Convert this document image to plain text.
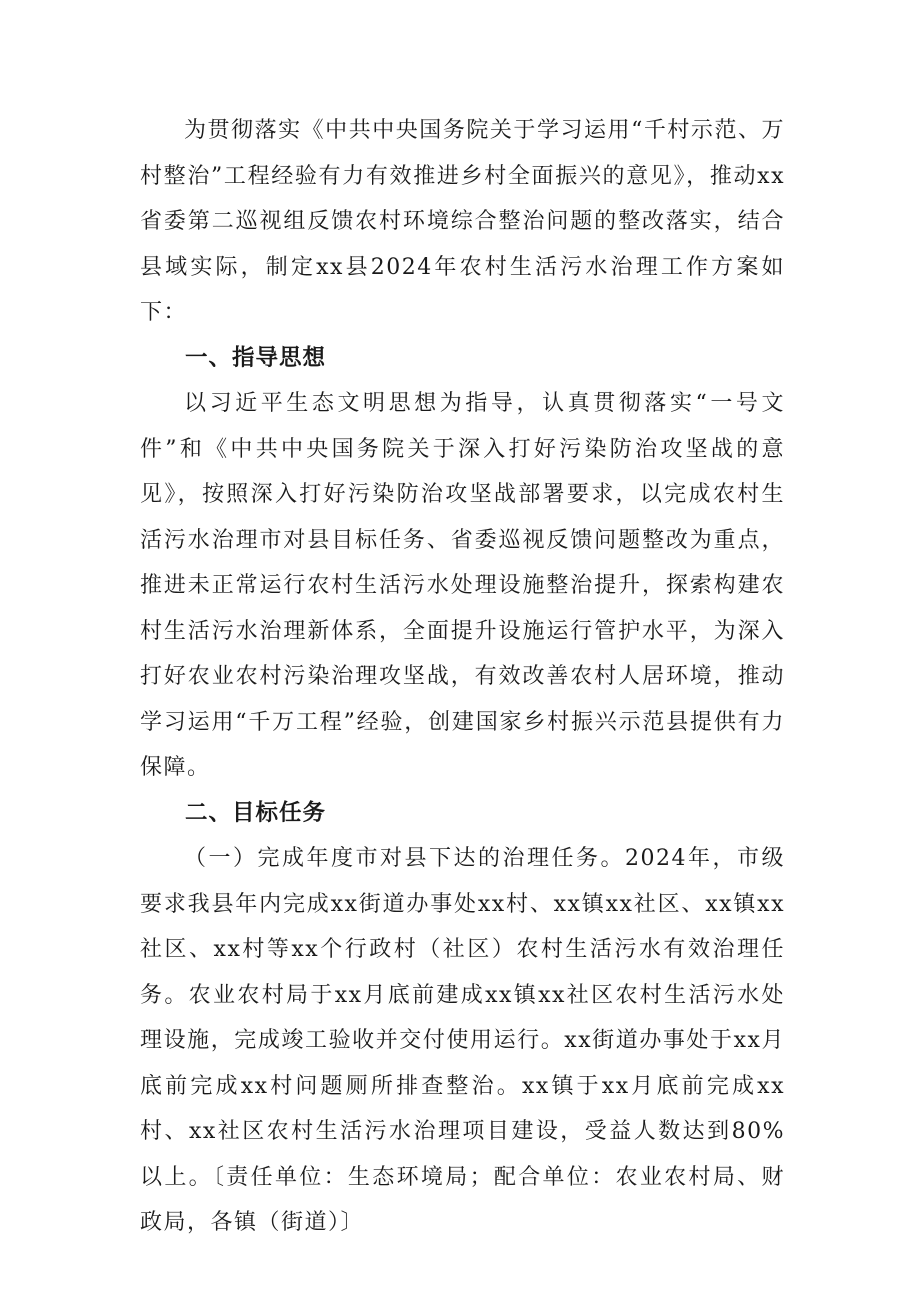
为贯彻落实《中共中央国务院关于学习运用“千村示范、万村整治”工程经验有力有效推进乡村全面振兴的意见》，推动xx省委第二巡视组反馈农村环境综合整治问题的整改落实，结合县域实际，制定xx县2024年农村生活污水治理工作方案如下：

一、指导思想

以习近平生态文明思想为指导，认真贯彻落实“一号文件”和《中共中央国务院关于深入打好污染防治攻坚战的意见》，按照深入打好污染防治攻坚战部署要求，以完成农村生活污水治理市对县目标任务、省委巡视反馈问题整改为重点，推进未正常运行农村生活污水处理设施整治提升，探索构建农村生活污水治理新体系，全面提升设施运行管护水平，为深入打好农业农村污染治理攻坚战，有效改善农村人居环境，推动学习运用“千万工程”经验，创建国家乡村振兴示范县提供有力保障。

二、目标任务

（一）完成年度市对县下达的治理任务。2024年，市级要求我县年内完成xx街道办事处xx村、xx镇xx社区、xx镇xx社区、xx村等xx个行政村（社区）农村生活污水有效治理任务。农业农村局于xx月底前建成xx镇xx社区农村生活污水处理设施，完成竣工验收并交付使用运行。xx街道办事处于xx月底前完成xx村问题厕所排查整治。xx镇于xx月底前完成xx村、xx社区农村生活污水治理项目建设，受益人数达到80%以上。〔责任单位：生态环境局；配合单位：农业农村局、财政局，各镇（街道）〕
